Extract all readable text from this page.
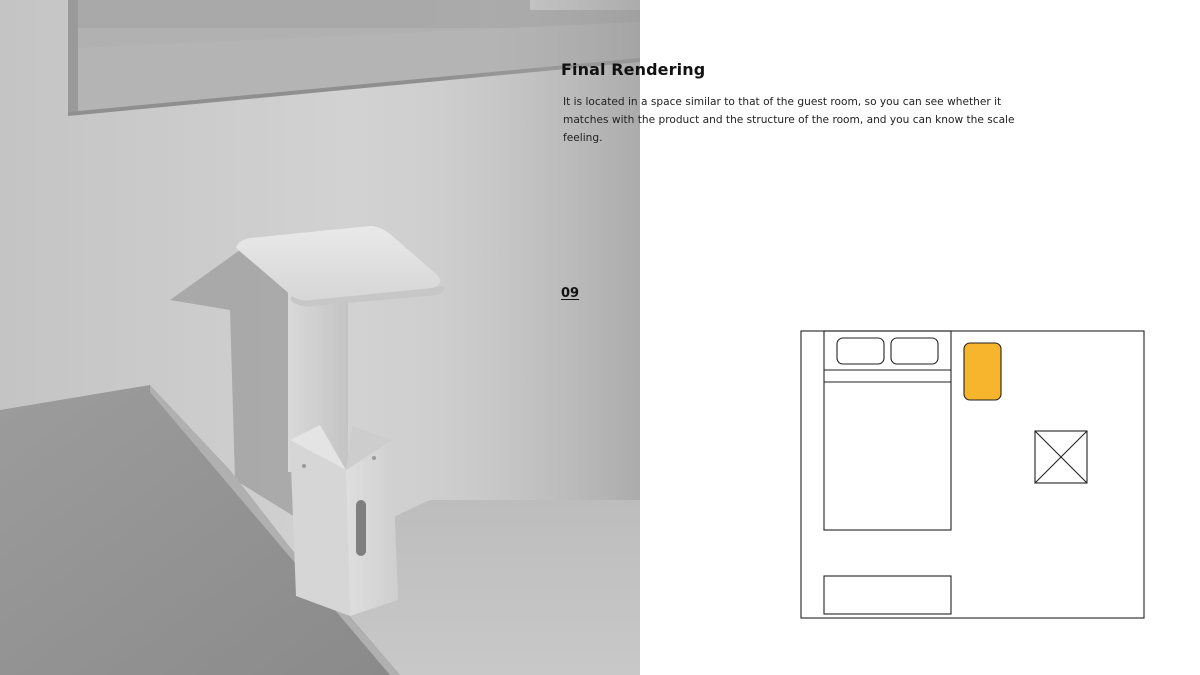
Final Rendering

It is located in a space similar to that of the guest room, so you can see whether it matches with the product and the structure of the room, and you can know the scale feeling.

09
